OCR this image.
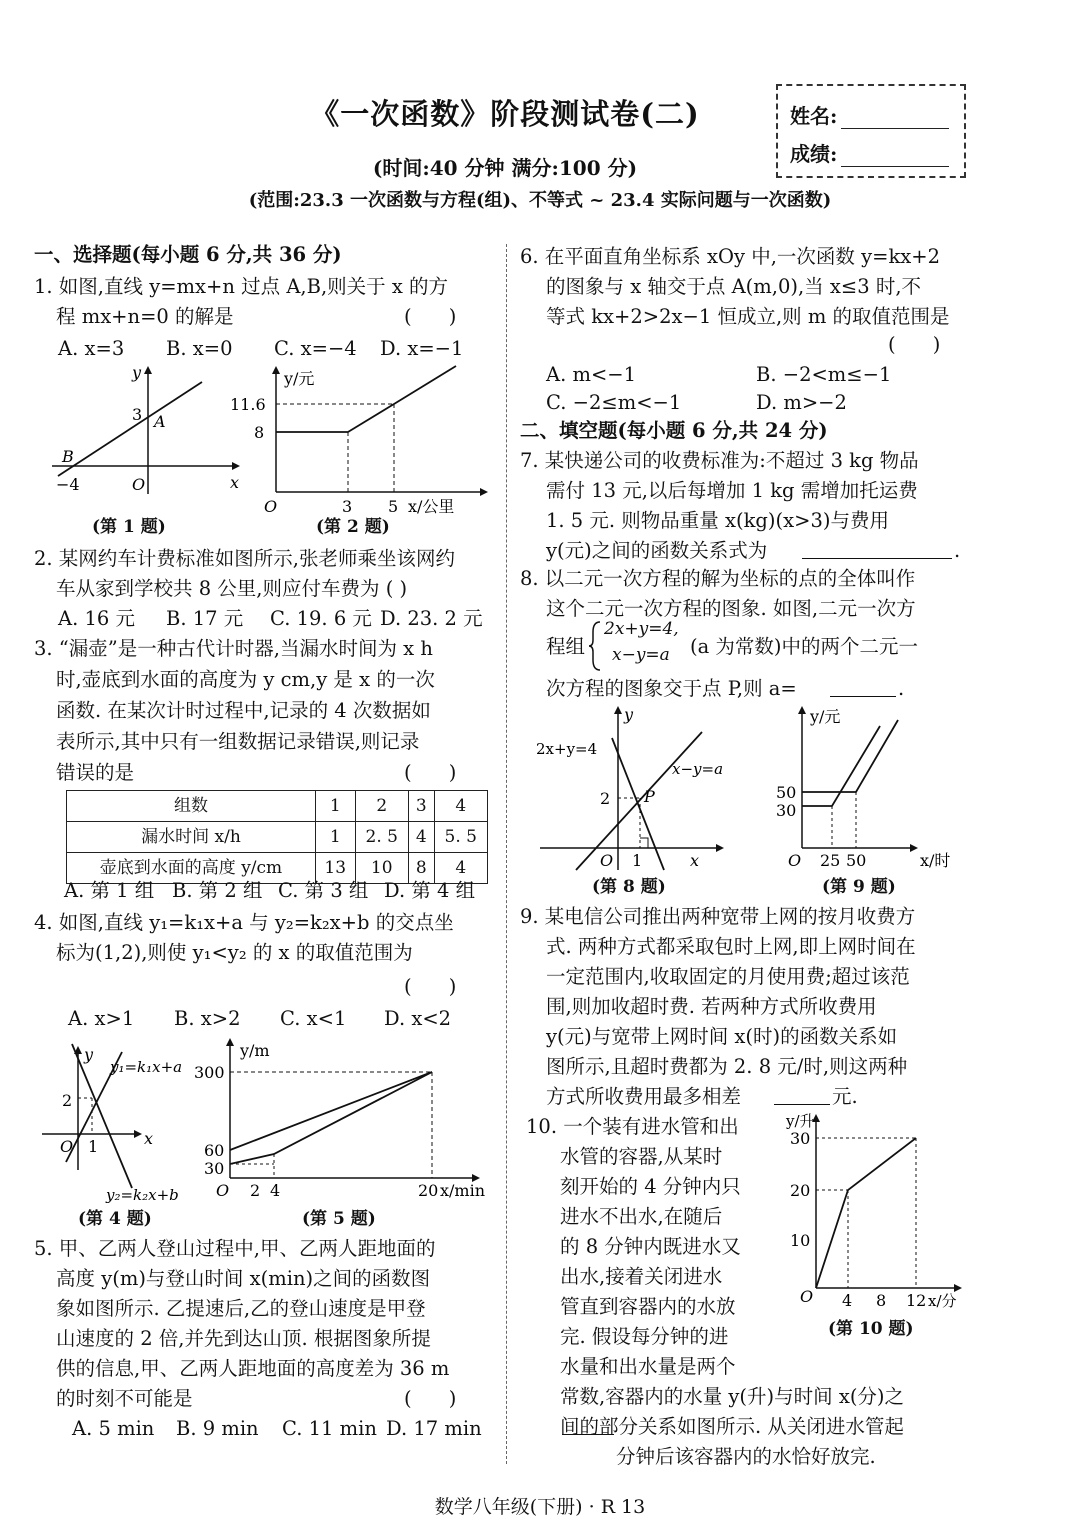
《一次函数》阶段测试卷(二)
(时间:40 分钟 满分:100 分)
(范围:23.3 一次函数与方程(组)、不等式 ~ 23.4 实际问题与一次函数)
姓名:
成绩:
一、选择题(每小题 6 分,共 36 分)
1. 如图,直线 y=mx+n 过点 A,B,则关于 x 的方
程 mx+n=0 的解是	(      )
A. x=3 B. x=0 C. x=−4 D. x=−1
y
x
3 A
B
−4	O
(第 1 题)
y/元
11.6
8
O	3 5 x/公里
(第 2 题)
2. 某网约车计费标准如图所示,张老师乘坐该网约
车从家到学校共 8 公里,则应付车费为 ( )
A. 16 元 B. 17 元 C. 19. 6 元 D. 23. 2 元
3. “漏壶”是一种古代计时器,当漏水时间为 x h
时,壶底到水面的高度为 y cm,y 是 x 的一次
函数. 在某次计时过程中,记录的 4 次数据如
表所示,其中只有一组数据记录错误,则记录
错误的是	(      )
组数	1	2	3	4
漏水时间 x/h	1	2. 5	4	5. 5
壶底到水面的高度 y/cm	13	10	8	4
A. 第 1 组 B. 第 2 组 C. 第 3 组 D. 第 4 组
4. 如图,直线 y₁=k₁x+a 与 y₂=k₂x+b 的交点坐
标为(1,2),则使 y₁<y₂ 的 x 的取值范围为
(      )
A. x>1 B. x>2 C. x<1 D. x<2
y
y₁=k₁x+a
2
O 1	x
y₂=k₂x+b
(第 4 题)
y/m
300
60
30
O 2 4	20 x/min
(第 5 题)
5. 甲、乙两人登山过程中,甲、乙两人距地面的
高度 y(m)与登山时间 x(min)之间的函数图
象如图所示. 乙提速后,乙的登山速度是甲登
山速度的 2 倍,并先到达山顶. 根据图象所提
供的信息,甲、乙两人距地面的高度差为 36 m
的时刻不可能是	(      )
A. 5 min B. 9 min C. 11 min D. 17 min
6. 在平面直角坐标系 xOy 中,一次函数 y=kx+2
的图象与 x 轴交于点 A(m,0),当 x≤3 时,不
等式 kx+2>2x−1 恒成立,则 m 的取值范围是
(      )
A. m<−1	B. −2<m≤−1
C. −2≤m<−1	D. m>−2
二、填空题(每小题 6 分,共 24 分)
7. 某快递公司的收费标准为:不超过 3 kg 物品
需付 13 元,以后每增加 1 kg 需增加托运费
1. 5 元. 则物品重量 x(kg)(x>3)与费用
y(元)之间的函数关系式为	.
8. 以二元一次方程的解为坐标的点的全体叫作
这个二元一次方程的图象. 如图,二元一次方
程组
2x+y=4,
x−y=a (a 为常数)中的两个二元一
次方程的图象交于点 P,则 a=	.
y
2x+y=4
x−y=a
2 P
O 1	x
(第 8 题)
y/元
50
30
O 25 50	x/时
(第 9 题)
9. 某电信公司推出两种宽带上网的按月收费方
式. 两种方式都采取包时上网,即上网时间在
一定范围内,收取固定的月使用费;超过该范
围,则加收超时费. 若两种方式所收费用
y(元)与宽带上网时间 x(时)的函数关系如
图所示,且超时费都为 2. 8 元/时,则这两种
方式所收费用最多相差	元.
10. 一个装有进水管和出
水管的容器,从某时
刻开始的 4 分钟内只
进水不出水,在随后
的 8 分钟内既进水又
出水,接着关闭进水
管直到容器内的水放
完. 假设每分钟的进
水量和出水量是两个
常数,容器内的水量 y(升)与时间 x(分)之
间的部分关系如图所示. 从关闭进水管起
分钟后该容器内的水恰好放完.
y/升
30
20
10
O 4 8 12 x/分
(第 10 题)
数学八年级(下册) · R 13
